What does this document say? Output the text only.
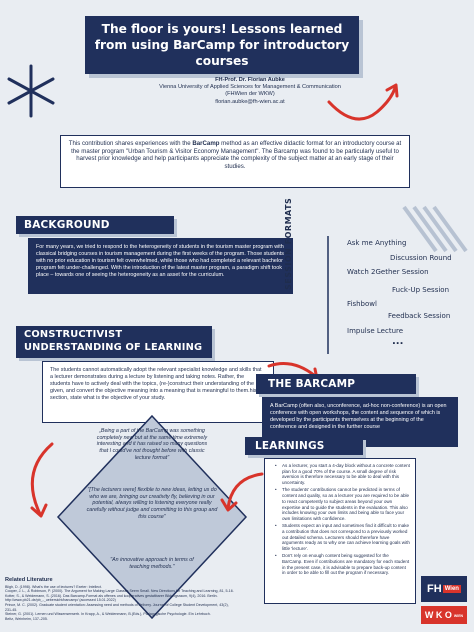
The floor is yours! Lessons learned from using BarCamp for introductory courses
FH-Prof. Dr. Florian Aubke
Vienna University of Applied Sciences for Management & Communication
(FHWien der WKW)
florian.aubke@fh-wien.ac.at
This contribution shares experiences with the BarCamp method as an effective didactic format for an introductory course at the master program "Urban Tourism & Visitor Economy Management". The Barcamp was found to be particularly useful to harvest prior knowledge and help participants appreciate the complexity of the subject matter at an early stage of their studies.
BACKGROUND
For many years, we tried to respond to the heterogeneity of students in the tourism master program with classical bridging courses in tourism management during the first weeks of the program. Those students with no prior education in tourism felt overwhelmed, while those who had completed a relevant bachelor program felt under-challenged. With the introduction of the latest master program, a paradigm shift took place – towards one of seeing the heterogeneity as an asset for the curriculum.	SESSION FORMATS	Ask me Anything
Discussion Round
Watch 2Gether Session
Fuck-Up Session
Fishbowl
Feedback Session
Impulse Lecture
...
CONSTRUCTIVIST
UNDERSTANDING OF LEARNING
The students cannot automatically adopt the relevant specialist knowledge and skills that a lecturer demonstrates during a lecture by listening and taking notes. Rather, the students have to actively deal with the topics, (re-)construct their understanding of the given, and convert the objective meaning into a meaning that is meaningful to them.his section, state what is the objective of your study.
THE BARCAMP
A BarCamp (often also, unconference, ad-hoc non-conference) is an open conference with open workshops, the content and sequence of which is developed by the participants themselves at the beginning of the conference and designed in the further course
„Being a part of the BarCamp was something completely new but at the same time extremely interesting and it has raised so many questions that I could've not thought before with classic lecture format"
"[The lecturers were] flexible to new ideas, letting us do who we are, bringing our creativity fly, believing in our potential, always willing to listening everyone really carefully without judge and committing to this group and this course"
"An innovative approach in terms of teaching methods."
LEARNINGS
• As a lecturer, you start a 4-day block without a concrete content plan for a good 70% of the course. A small degree of risk aversion is therefore necessary to be able to deal with this uncertainty.
• The students' contributions cannot be predicted in terms of content and quality, so as a lecturer you are required to be able to react competently to subject areas beyond your own expertise and to guide the students in the evaluation. This also includes knowing your own limits and being able to face your own limitations with confidence.
• Students expect an input and sometimes find it difficult to make a contribution that does not correspond to a previously worked out detailed schema. Lecturers should therefore have arguments ready as to why one can achieve learning goals with little 'lecture'.
• Don't rely on enough content being suggested for the BarCamp. Even if contributions are mandatory for each student in the present case, it is advisable to prepare back-up content in order to be able to fill out the program if necessary.
Related Literature
Bligh, D. (1998). What's the use of lectures? Exeter: Intellect.
Cooper, J. L., & Robinson, P. (2000). The Argument for Making Large Classes Seem Small. New Directions for Teaching and Learning, 81, 5-16.
Kotter, S., & Weidemann, S. (2016). Das Barcamp-Format als offenes und kooperatives gestaltbarer Bildungsraum, 9(4), 2016. Berlin.
http://www.pb21.de/pb_-_uebersicht/barcamp/ (accessed 15.01.2022)
Prince, M. C. (2002). Graduate student orientation: Assessing need and methods of delivery. Journal of College Student Development, 43(2), 231-45.
Steiner, G. (2001). Lernen und Wissenserwerb. In Krapp, A., & Weidenmann, B.(Eds.), Pädagogische Psychologie. Ein Lehrbuch.
Beltz, Weinheim, 137–205.
FH Wien
W K O WIEN
